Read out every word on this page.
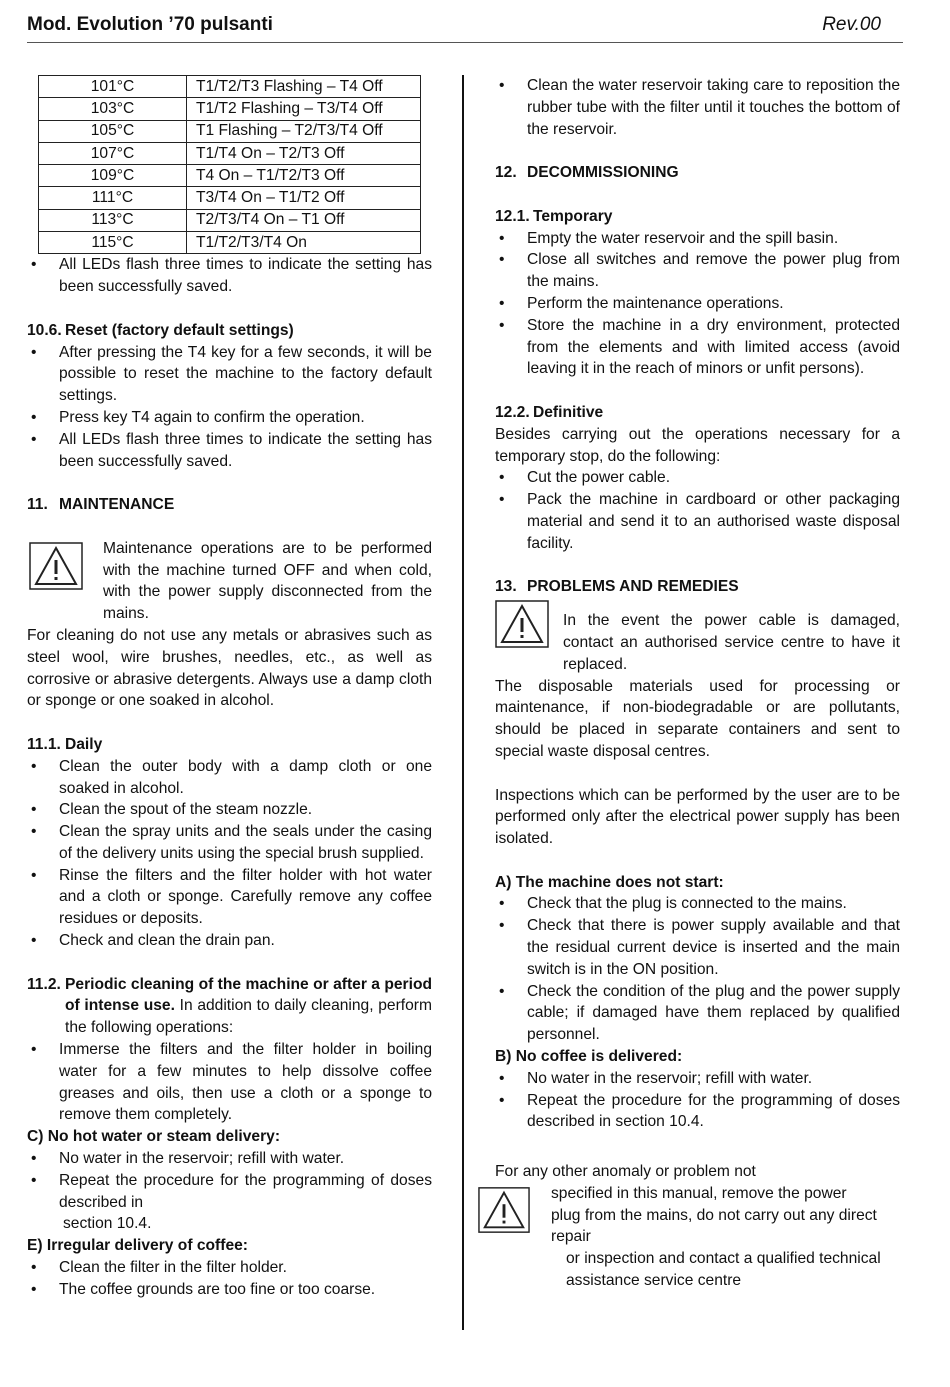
Mod. Evolution ’70 pulsanti	Rev.00
101°C	T1/T2/T3 Flashing – T4 Off
103°C	T1/T2 Flashing – T3/T4 Off
105°C	T1 Flashing – T2/T3/T4 Off
107°C	T1/T4 On – T2/T3 Off
109°C	T4 On – T1/T2/T3 Off
111°C	T3/T4 On – T1/T2 Off
113°C	T2/T3/T4 On – T1 Off
115°C	T1/T2/T3/T4 On
• All LEDs flash three times to indicate the setting has been successfully saved.
10.6. Reset (factory default settings)
• After pressing the T4 key for a few seconds, it will be possible to reset the machine to the factory default settings.
• Press key T4 again to confirm the operation.
• All LEDs flash three times to indicate the setting has been successfully saved.
11. MAINTENANCE

Maintenance operations are to be performed with the machine turned OFF and when cold, with the power supply disconnected from the mains.

For cleaning do not use any metals or abrasives such as steel wool, wire brushes, needles, etc., as well as corrosive or abrasive detergents. Always use a damp cloth or sponge or one soaked in alcohol.

11.1. Daily
• Clean the outer body with a damp cloth or one soaked in alcohol.
• Clean the spout of the steam nozzle.
• Clean the spray units and the seals under the casing of the delivery units using the special brush supplied.
• Rinse the filters and the filter holder with hot water and a cloth or sponge. Carefully remove any coffee residues or deposits.
• Check and clean the drain pan.
11.2. Periodic cleaning of the machine or after a period of intense use. In addition to daily cleaning, perform the following operations:
• Immerse the filters and the filter holder in boiling water for a few minutes to help dissolve coffee greases and oils, then use a cloth or a sponge to remove them completely.
C) No hot water or steam delivery:
• No water in the reservoir; refill with water.
• Repeat the procedure for the programming of doses described in
section 10.4.
E) Irregular delivery of coffee:
• Clean the filter in the filter holder.
• The coffee grounds are too fine or too coarse.
• Clean the water reservoir taking care to reposition the rubber tube with the filter until it touches the bottom of the reservoir.
12. DECOMMISSIONING
12.1. Temporary
• Empty the water reservoir and the spill basin.
• Close all switches and remove the power plug from the mains.
• Perform the maintenance operations.
• Store the machine in a dry environment, protected from the elements and with limited access (avoid leaving it in the reach of minors or unfit persons).
12.2. Definitive

Besides carrying out the operations necessary for a temporary stop, do the following:

• Cut the power cable.
• Pack the machine in cardboard or other packaging material and send it to an authorised waste disposal facility.
13. PROBLEMS AND REMEDIES

In the event the power cable is damaged, contact an authorised service centre to have it replaced.

The disposable materials used for processing or maintenance, if non-biodegradable or are pollutants, should be placed in separate containers and sent to special waste disposal centres.

Inspections which can be performed by the user are to be performed only after the electrical power supply has been isolated.

A) The machine does not start:
• Check that the plug is connected to the mains.
• Check that there is power supply available and that the residual current device is inserted and the main switch is in the ON position.
• Check the condition of the plug and the power supply cable; if damaged have them replaced by qualified personnel.
B) No coffee is delivered:
• No water in the reservoir; refill with water.
• Repeat the procedure for the programming of doses described in section 10.4.
For any other anomaly or problem not
specified in this manual, remove the power
plug from the mains, do not carry out any direct
repair
or inspection and contact a qualified technical
assistance service centre
